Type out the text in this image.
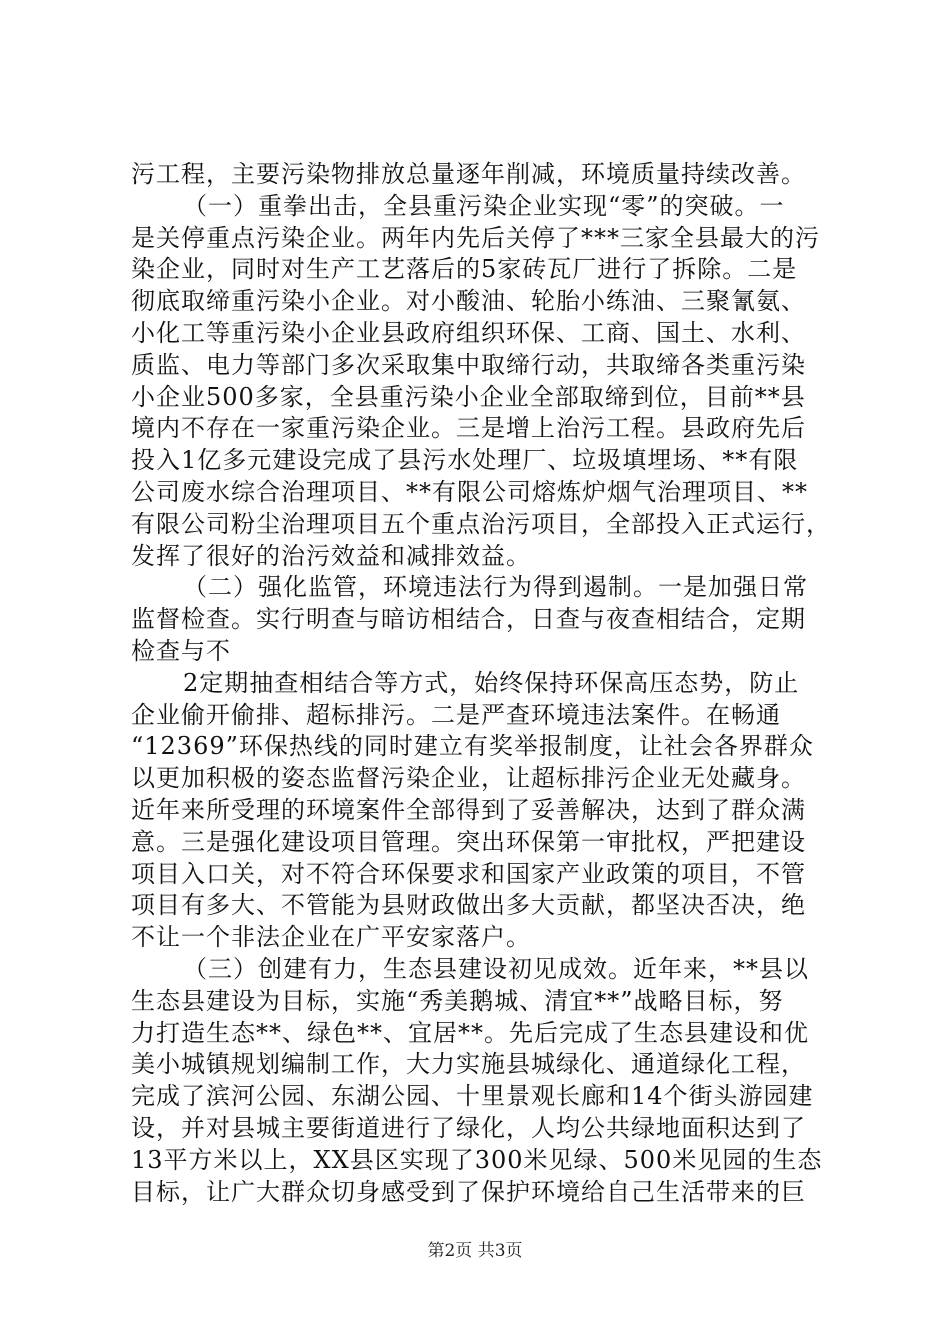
污工程，主要污染物排放总量逐年削减，环境质量持续改善。
（一）重拳出击，全县重污染企业实现“零”的突破。一
是关停重点污染企业。两年内先后关停了***三家全县最大的污
染企业，同时对生产工艺落后的5家砖瓦厂进行了拆除。二是
彻底取缔重污染小企业。对小酸油、轮胎小练油、三聚氰氨、
小化工等重污染小企业县政府组织环保、工商、国土、水利、
质监、电力等部门多次采取集中取缔行动，共取缔各类重污染
小企业500多家，全县重污染小企业全部取缔到位，目前**县
境内不存在一家重污染企业。三是增上治污工程。县政府先后
投入1亿多元建设完成了县污水处理厂、垃圾填埋场、**有限
公司废水综合治理项目、**有限公司熔炼炉烟气治理项目、**
有限公司粉尘治理项目五个重点治污项目，全部投入正式运行，
发挥了很好的治污效益和减排效益。
（二）强化监管，环境违法行为得到遏制。一是加强日常
监督检查。实行明查与暗访相结合，日查与夜查相结合，定期
检查与不
2定期抽查相结合等方式，始终保持环保高压态势，防止
企业偷开偷排、超标排污。二是严查环境违法案件。在畅通
“12369”环保热线的同时建立有奖举报制度，让社会各界群众
以更加积极的姿态监督污染企业，让超标排污企业无处藏身。
近年来所受理的环境案件全部得到了妥善解决，达到了群众满
意。三是强化建设项目管理。突出环保第一审批权，严把建设
项目入口关，对不符合环保要求和国家产业政策的项目，不管
项目有多大、不管能为县财政做出多大贡献，都坚决否决，绝
不让一个非法企业在广平安家落户。
（三）创建有力，生态县建设初见成效。近年来，**县以
生态县建设为目标，实施“秀美鹅城、清宜**”战略目标，努
力打造生态**、绿色**、宜居**。先后完成了生态县建设和优
美小城镇规划编制工作，大力实施县城绿化、通道绿化工程，
完成了滨河公园、东湖公园、十里景观长廊和14个街头游园建
设，并对县城主要街道进行了绿化，人均公共绿地面积达到了
13平方米以上，XX县区实现了300米见绿、500米见园的生态
目标，让广大群众切身感受到了保护环境给自己生活带来的巨
第2页 共3页
